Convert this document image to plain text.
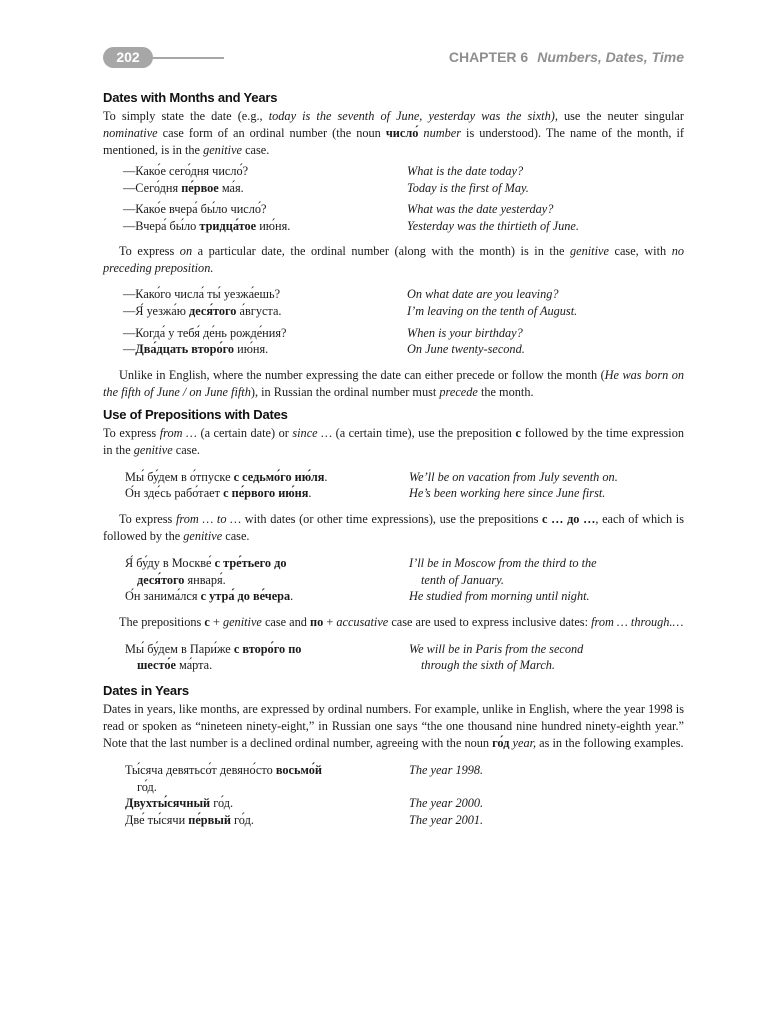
202	CHAPTER 6 Numbers, Dates, Time
Dates with Months and Years

To simply state the date (e.g., today is the seventh of June, yesterday was the sixth), use the neuter singular nominative case form of an ordinal number (the noun число́ number is understood). The name of the month, if mentioned, is in the genitive case.

—Како́е сего́дня число́?	What is the date today?
—Сего́дня пе́рвое ма́я.	Today is the first of May.
—Како́е вчера́ бы́ло число́?	What was the date yesterday?
—Вчера́ бы́ло тридца́тое ию́ня.	Yesterday was the thirtieth of June.

To express on a particular date, the ordinal number (along with the month) is in the genitive case, with no preceding preposition.

—Како́го числа́ ты́ уезжа́ешь?	On what date are you leaving?
—Я́ уезжа́ю деся́того а́вгуста.	I’m leaving on the tenth of August.
—Когда́ у тебя́ де́нь рожде́ния?	When is your birthday?
—Два́дцать второ́го ию́ня.	On June twenty-second.

Unlike in English, where the number expressing the date can either precede or follow the month (He was born on the fifth of June / on June fifth), in Russian the ordinal number must precede the month.

Use of Prepositions with Dates

To express from … (a certain date) or since … (a certain time), use the preposition с followed by the time expression in the genitive case.

Мы́ бу́дем в о́тпуске с седьмо́го ию́ля.	We’ll be on vacation from July seventh on.
О́н зде́сь рабо́тает с пе́рвого ию́ня.	He’s been working here since June first.

To express from … to … with dates (or other time expressions), use the prepositions с … до …, each of which is followed by the genitive case.

Я́ бу́ду в Москве́ с тре́тьего до	I’ll be in Moscow from the third to the
деся́того января́.	tenth of January.
О́н занима́лся с утра́ до ве́чера.	He studied from morning until night.

The prepositions с + genitive case and по + accusative case are used to express inclusive dates: from … through.…

Мы́ бу́дем в Пари́же с второ́го по	We will be in Paris from the second
шесто́е ма́рта.	through the sixth of March.
Dates in Years

Dates in years, like months, are expressed by ordinal numbers. For example, unlike in English, where the year 1998 is read or spoken as “nineteen ninety-eight,” in Russian one says “the one thousand nine hundred ninety-eighth year.” Note that the last number is a declined ordinal number, agreeing with the noun го́д year, as in the following examples.

Ты́сяча девятьсо́т девяно́сто восьмо́й	The year 1998.
го́д.
Двухты́сячный го́д.	The year 2000.
Две́ ты́сячи пе́рвый го́д.	The year 2001.
